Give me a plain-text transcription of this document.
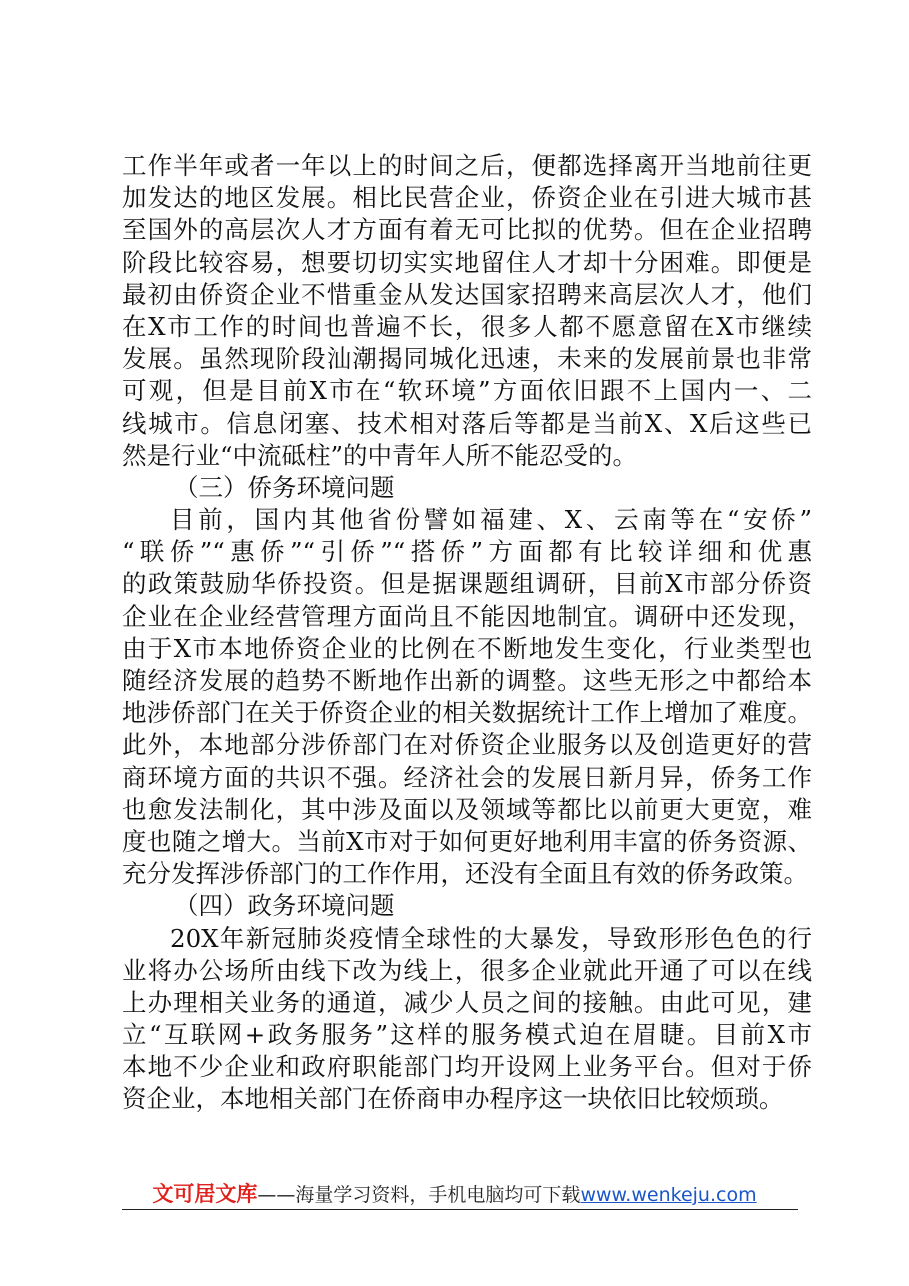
工作半年或者一年以上的时间之后，便都选择离开当地前往更
加发达的地区发展。相比民营企业，侨资企业在引进大城市甚
至国外的高层次人才方面有着无可比拟的优势。但在企业招聘
阶段比较容易，想要切切实实地留住人才却十分困难。即便是
最初由侨资企业不惜重金从发达国家招聘来高层次人才，他们
在X市工作的时间也普遍不长，很多人都不愿意留在X市继续
发展。虽然现阶段汕潮揭同城化迅速，未来的发展前景也非常
可观，但是目前X市在“软环境”方面依旧跟不上国内一、二
线城市。信息闭塞、技术相对落后等都是当前X、X后这些已
然是行业“中流砥柱”的中青年人所不能忍受的。
（三）侨务环境问题
目前，国内其他省份譬如福建、X、云南等在“安侨”
“联侨”“惠侨”“引侨”“搭侨”方面都有比较详细和优惠
的政策鼓励华侨投资。但是据课题组调研，目前X市部分侨资
企业在企业经营管理方面尚且不能因地制宜。调研中还发现，
由于X市本地侨资企业的比例在不断地发生变化，行业类型也
随经济发展的趋势不断地作出新的调整。这些无形之中都给本
地涉侨部门在关于侨资企业的相关数据统计工作上增加了难度。
此外，本地部分涉侨部门在对侨资企业服务以及创造更好的营
商环境方面的共识不强。经济社会的发展日新月异，侨务工作
也愈发法制化，其中涉及面以及领域等都比以前更大更宽，难
度也随之增大。当前X市对于如何更好地利用丰富的侨务资源、
充分发挥涉侨部门的工作作用，还没有全面且有效的侨务政策。
（四）政务环境问题
20X年新冠肺炎疫情全球性的大暴发，导致形形色色的行
业将办公场所由线下改为线上，很多企业就此开通了可以在线
上办理相关业务的通道，减少人员之间的接触。由此可见，建
立“互联网+政务服务”这样的服务模式迫在眉睫。目前X市
本地不少企业和政府职能部门均开设网上业务平台。但对于侨
资企业，本地相关部门在侨商申办程序这一块依旧比较烦琐。
文可居文库——海量学习资料，手机电脑均可下载www.wenkeju.com
